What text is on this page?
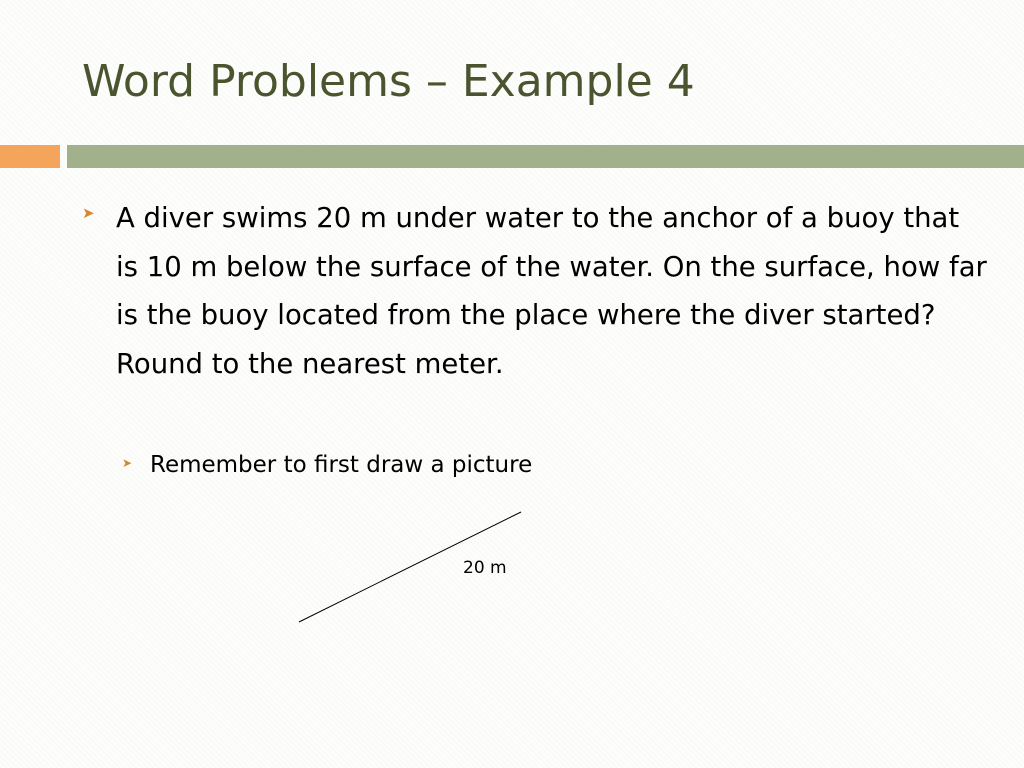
Word Problems – Example 4
➤ A diver swims 20 m under water to the anchor of a buoy that is 10 m below the surface of the water. On the surface, how far is the buoy located from the place where the diver started? Round to the nearest meter.
➤ Remember to first draw a picture
20 m
